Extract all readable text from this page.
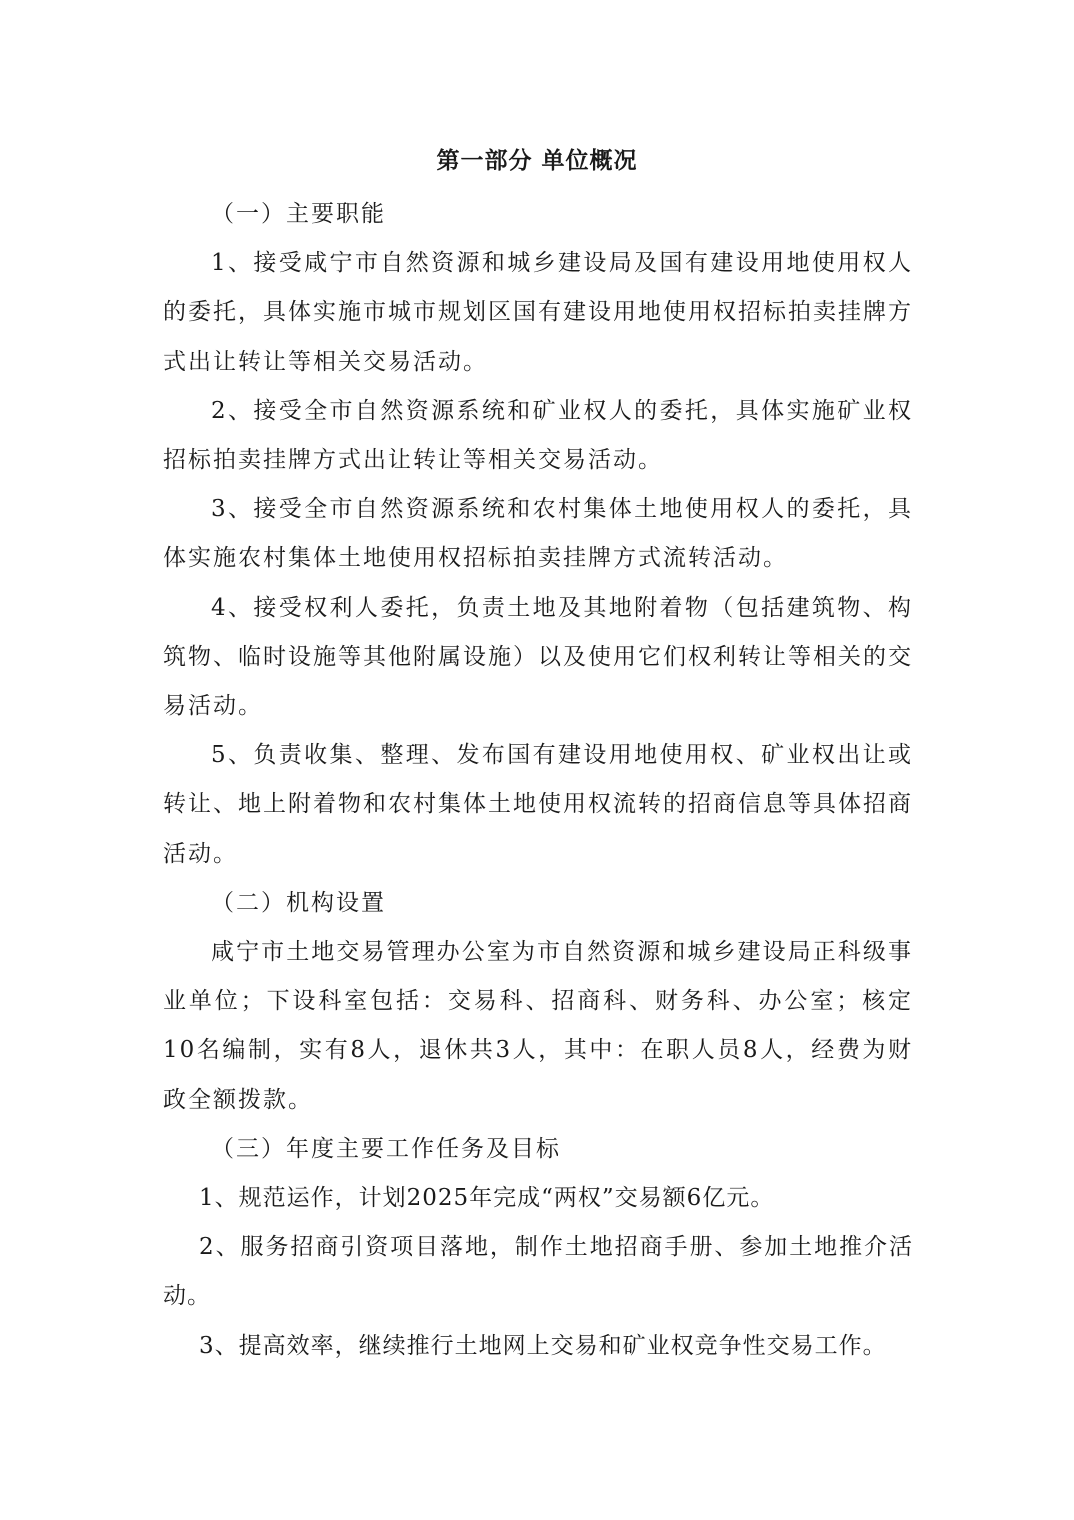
第一部分 单位概况

（一）主要职能

1、接受咸宁市自然资源和城乡建设局及国有建设用地使用权人的委托，具体实施市城市规划区国有建设用地使用权招标拍卖挂牌方式出让转让等相关交易活动。

2、接受全市自然资源系统和矿业权人的委托，具体实施矿业权招标拍卖挂牌方式出让转让等相关交易活动。

3、接受全市自然资源系统和农村集体土地使用权人的委托，具体实施农村集体土地使用权招标拍卖挂牌方式流转活动。

4、接受权利人委托，负责土地及其地附着物（包括建筑物、构筑物、临时设施等其他附属设施）以及使用它们权利转让等相关的交易活动。

5、负责收集、整理、发布国有建设用地使用权、矿业权出让或转让、地上附着物和农村集体土地使用权流转的招商信息等具体招商活动。

（二）机构设置

咸宁市土地交易管理办公室为市自然资源和城乡建设局正科级事业单位；下设科室包括：交易科、招商科、财务科、办公室；核定10名编制，实有8人，退休共3人，其中：在职人员8人，经费为财政全额拨款。

（三）年度主要工作任务及目标

1、规范运作，计划2025年完成“两权”交易额6亿元。

2、服务招商引资项目落地，制作土地招商手册、参加土地推介活动。

3、提高效率，继续推行土地网上交易和矿业权竞争性交易工作。
